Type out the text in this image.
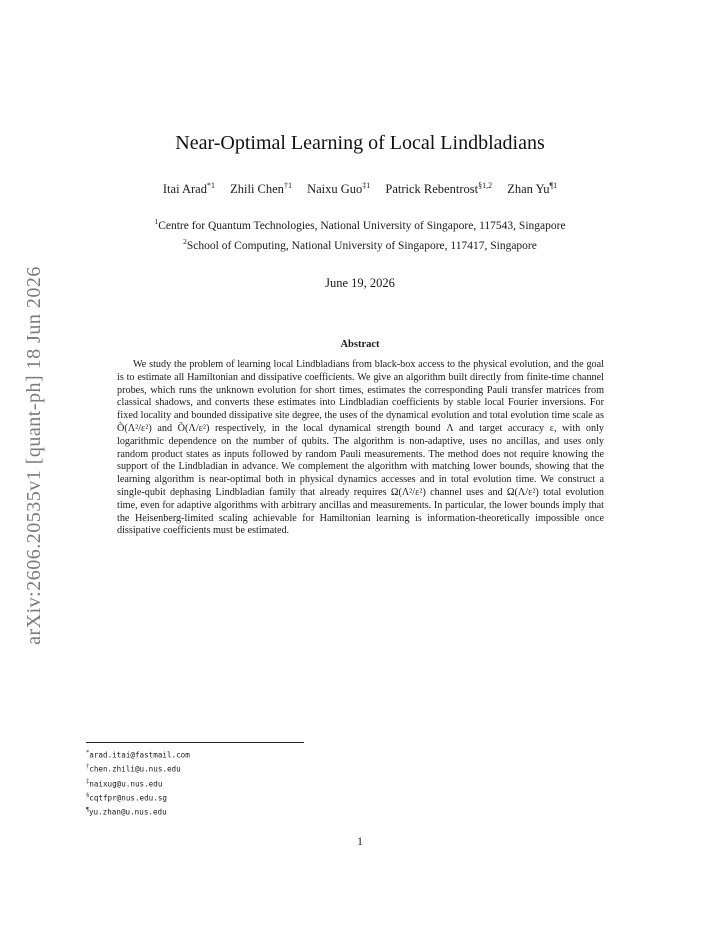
arXiv:2606.20535v1 [quant-ph] 18 Jun 2026
Near-Optimal Learning of Local Lindbladians
Itai Arad$^{*1}$ Zhili Chen$^{\dagger 1}$ Naixu Guo$^{\ddagger 1}$ Patrick Rebentrost$^{\S 1,2}$ Zhan Yu$^{\P 1}$
$^1$Centre for Quantum Technologies, National University of Singapore, 117543, Singapore
$^2$School of Computing, National University of Singapore, 117417, Singapore
June 19, 2026
Abstract
We study the problem of learning local Lindbladians from black-box access to the physical evolution, and the goal is to estimate all Hamiltonian and dissipative coefficients. We give an algorithm built directly from finite-time channel probes, which runs the unknown evolution for short times, estimates the corresponding Pauli transfer matrices from classical shadows, and converts these estimates into Lindbladian coefficients by stable local Fourier inversions. For fixed locality and bounded dissipative site degree, the uses of the dynamical evolution and total evolution time scale as Õ(Λ²/ε²) and Õ(Λ/ε²) respectively, in the local dynamical strength bound Λ and target accuracy ε, with only logarithmic dependence on the number of qubits. The algorithm is non-adaptive, uses no ancillas, and uses only random product states as inputs followed by random Pauli measurements. The method does not require knowing the support of the Lindbladian in advance. We complement the algorithm with matching lower bounds, showing that the learning algorithm is near-optimal both in physical dynamics accesses and in total evolution time. We construct a single-qubit dephasing Lindbladian family that already requires Ω(Λ²/ε²) channel uses and Ω(Λ/ε²) total evolution time, even for adaptive algorithms with arbitrary ancillas and measurements. In particular, the lower bounds imply that the Heisenberg-limited scaling achievable for Hamiltonian learning is information-theoretically impossible once dissipative coefficients must be estimated.
*arad.itai@fastmail.com
†chen.zhili@u.nus.edu
‡naixug@u.nus.edu
§cqtfpr@nus.edu.sg
¶yu.zhan@u.nus.edu
1
